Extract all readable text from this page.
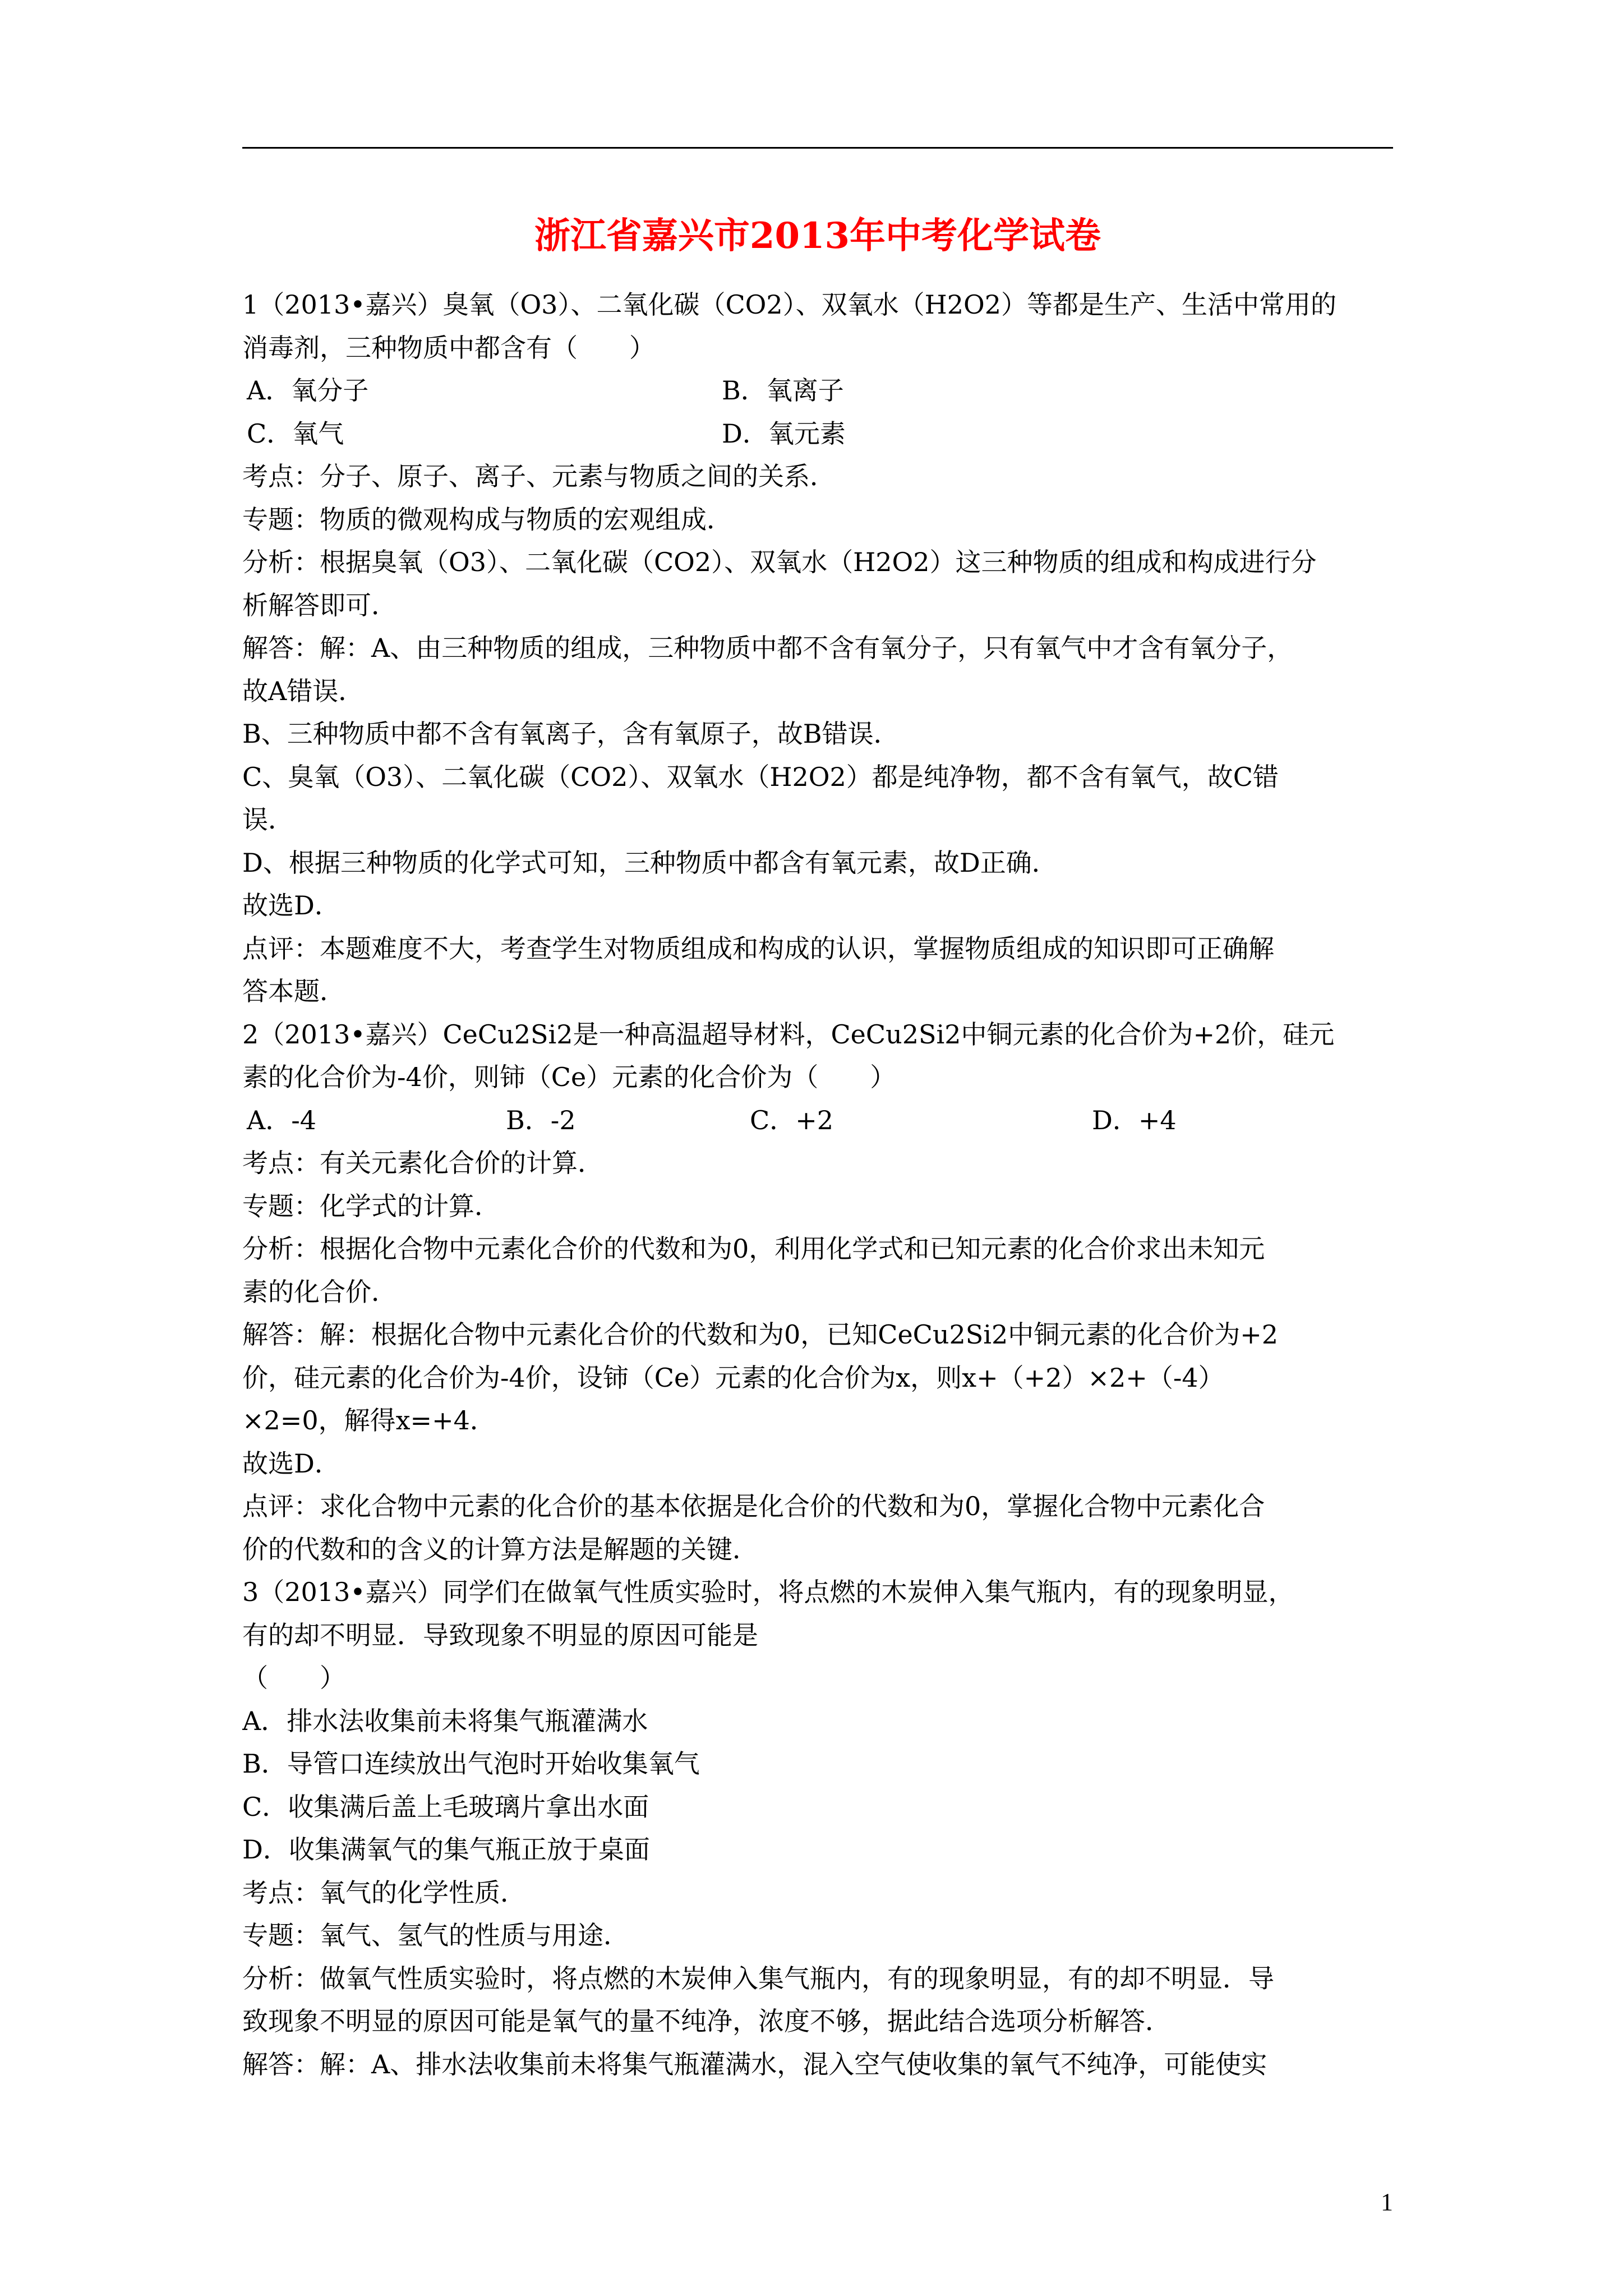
浙江省嘉兴市2013年中考化学试卷
1（2013•嘉兴）臭氧（O3）、二氧化碳（CO2）、双氧水（H2O2）等都是生产、生活中常用的
消毒剂，三种物质中都含有（　　）
A．氧分子	B．氧离子
C．氧气	D．氧元素
考点：分子、原子、离子、元素与物质之间的关系．
专题：物质的微观构成与物质的宏观组成．
分析：根据臭氧（O3）、二氧化碳（CO2）、双氧水（H2O2）这三种物质的组成和构成进行分
析解答即可．
解答：解：A、由三种物质的组成，三种物质中都不含有氧分子，只有氧气中才含有氧分子，
故A错误．
B、三种物质中都不含有氧离子，含有氧原子，故B错误．
C、臭氧（O3）、二氧化碳（CO2）、双氧水（H2O2）都是纯净物，都不含有氧气，故C错
误．
D、根据三种物质的化学式可知，三种物质中都含有氧元素，故D正确．
故选D．
点评：本题难度不大，考查学生对物质组成和构成的认识，掌握物质组成的知识即可正确解
答本题．
2（2013•嘉兴）CeCu2Si2是一种高温超导材料，CeCu2Si2中铜元素的化合价为+2价，硅元
素的化合价为-4价，则铈（Ce）元素的化合价为（　　）
A．-4	B．-2	C．+2	D．+4
考点：有关元素化合价的计算．
专题：化学式的计算．
分析：根据化合物中元素化合价的代数和为0，利用化学式和已知元素的化合价求出未知元
素的化合价．
解答：解：根据化合物中元素化合价的代数和为0，已知CeCu2Si2中铜元素的化合价为+2
价，硅元素的化合价为-4价，设铈（Ce）元素的化合价为x，则x+（+2）×2+（-4）
×2=0，解得x=+4．
故选D．
点评：求化合物中元素的化合价的基本依据是化合价的代数和为0，掌握化合物中元素化合
价的代数和的含义的计算方法是解题的关键．
3（2013•嘉兴）同学们在做氧气性质实验时，将点燃的木炭伸入集气瓶内，有的现象明显，
有的却不明显．导致现象不明显的原因可能是
（　　）
A．排水法收集前未将集气瓶灌满水
B．导管口连续放出气泡时开始收集氧气
C．收集满后盖上毛玻璃片拿出水面
D．收集满氧气的集气瓶正放于桌面
考点：氧气的化学性质．
专题：氧气、氢气的性质与用途．
分析：做氧气性质实验时，将点燃的木炭伸入集气瓶内，有的现象明显，有的却不明显．导
致现象不明显的原因可能是氧气的量不纯净，浓度不够，据此结合选项分析解答．
解答：解：A、排水法收集前未将集气瓶灌满水，混入空气使收集的氧气不纯净，可能使实
1
